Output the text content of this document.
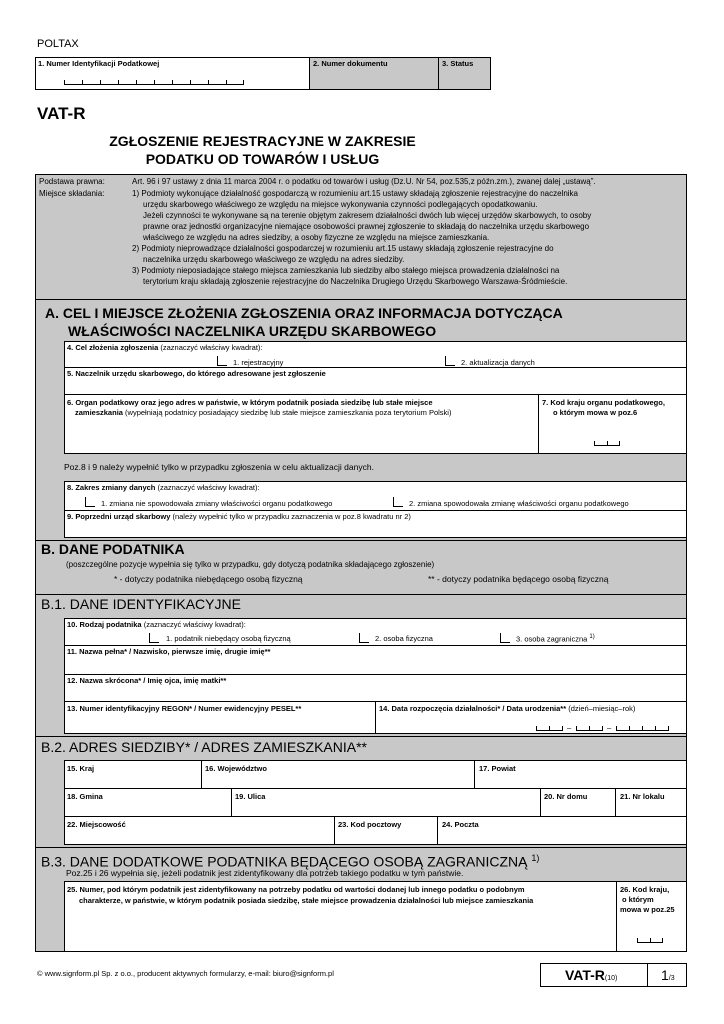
POLTAX
1. Numer Identyfikacji Podatkowej	2. Numer dokumentu	3. Status
VAT-R
ZGŁOSZENIE REJESTRACYJNE W ZAKRESIE
PODATKU OD TOWARÓW I USŁUG
Podstawa prawna:	Art. 96 i 97 ustawy z dnia 11 marca 2004 r. o podatku od towarów i usług (Dz.U. Nr 54, poz.535,z późn.zm.), zwanej dalej „ustawą”.
Miejsce składania:	1) Podmioty wykonujące działalność gospodarczą w rozumieniu art.15 ustawy składają zgłoszenie rejestracyjne do naczelnika
urzędu skarbowego właściwego ze względu na miejsce wykonywania czynności podlegających opodatkowaniu.
Jeżeli czynności te wykonywane są na terenie objętym zakresem działalności dwóch lub więcej urzędów skarbowych, to osoby
prawne oraz jednostki organizacyjne niemające osobowości prawnej zgłoszenie to składają do naczelnika urzędu skarbowego
właściwego ze względu na adres siedziby, a osoby fizyczne ze względu na miejsce zamieszkania.
2) Podmioty nieprowadzące działalności gospodarczej w rozumieniu art.15 ustawy składają zgłoszenie rejestracyjne do
naczelnika urzędu skarbowego właściwego ze względu na adres siedziby.
3) Podmioty nieposiadające stałego miejsca zamieszkania lub siedziby albo stałego miejsca prowadzenia działalności na
terytorium kraju składają zgłoszenie rejestracyjne do Naczelnika Drugiego Urzędu Skarbowego Warszawa-Śródmieście.
A. CEL I MIEJSCE ZŁOŻENIA ZGŁOSZENIA ORAZ INFORMACJA DOTYCZĄCA
WŁAŚCIWOŚCI NACZELNIKA URZĘDU SKARBOWEGO
4. Cel złożenia zgłoszenia (zaznaczyć właściwy kwadrat):
1. rejestracyjny	2. aktualizacja danych
5. Naczelnik urzędu skarbowego, do którego adresowane jest zgłoszenie
6. Organ podatkowy oraz jego adres w państwie, w którym podatnik posiada siedzibę lub stałe miejsce
zamieszkania (wypełniają podatnicy posiadający siedzibę lub stałe miejsce zamieszkania poza terytorium Polski)
7. Kod kraju organu podatkowego,
o którym mowa w poz.6
Poz.8 i 9 należy wypełnić tylko w przypadku zgłoszenia w celu aktualizacji danych.
8. Zakres zmiany danych (zaznaczyć właściwy kwadrat):
1. zmiana nie spowodowała zmiany właściwości organu podatkowego	2. zmiana spowodowała zmianę właściwości organu podatkowego
9. Poprzedni urząd skarbowy (należy wypełnić tylko w przypadku zaznaczenia w poz.8 kwadratu nr 2)
B. DANE PODATNIKA
(poszczególne pozycje wypełnia się tylko w przypadku, gdy dotyczą podatnika składającego zgłoszenie)
* - dotyczy podatnika niebędącego osobą fizyczną	** - dotyczy podatnika będącego osobą fizyczną
B.1. DANE IDENTYFIKACYJNE
10. Rodzaj podatnika (zaznaczyć właściwy kwadrat):
1. podatnik niebędący osobą fizyczną	2. osoba fizyczna	3. osoba zagraniczna $^{1)}$
11. Nazwa pełna* / Nazwisko, pierwsze imię, drugie imię**
12. Nazwa skrócona* / Imię ojca, imię matki**
13. Numer identyfikacyjny REGON* / Numer ewidencyjny PESEL**	14. Data rozpoczęcia działalności* / Data urodzenia** (dzień–miesiąc–rok)
–	–
B.2. ADRES SIEDZIBY* / ADRES ZAMIESZKANIA**
15. Kraj	16. Województwo	17. Powiat
18. Gmina	19. Ulica	20. Nr domu	21. Nr lokalu
22. Miejscowość	23. Kod pocztowy	24. Poczta
B.3. DANE DODATKOWE PODATNIKA BĘDĄCEGO OSOBĄ ZAGRANICZNĄ $^{1)}$
Poz.25 i 26 wypełnia się, jeżeli podatnik jest zidentyfikowany dla potrzeb takiego podatku w tym państwie.
25. Numer, pod którym podatnik jest zidentyfikowany na potrzeby podatku od wartości dodanej lub innego podatku o podobnym
charakterze, w państwie, w którym podatnik posiada siedzibę, stałe miejsce prowadzenia działalności lub miejsce zamieszkania
26. Kod kraju,
o którym
mowa w poz.25
© www.signform.pl Sp. z o.o., producent aktywnych formularzy, e-mail: biuro@signform.pl	VAT-R(10)	1/3
